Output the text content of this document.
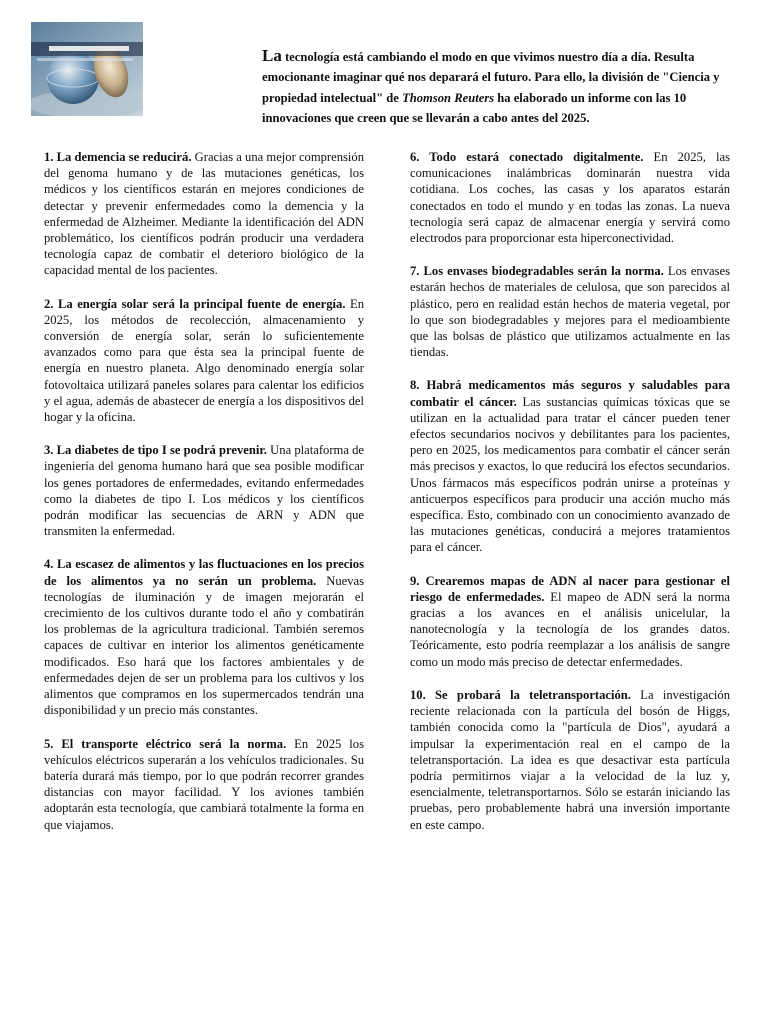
La tecnología está cambiando el modo en que vivimos nuestro día a día. Resulta emocionante imaginar qué nos deparará el futuro. Para ello, la división de "Ciencia y propiedad intelectual" de Thomson Reuters ha elaborado un informe con las 10 innovaciones que creen que se llevarán a cabo antes del 2025.

1. La demencia se reducirá. Gracias a una mejor comprensión del genoma humano y de las mutaciones genéticas, los médicos y los científicos estarán en mejores condiciones de detectar y prevenir enfermedades como la demencia y la enfermedad de Alzheimer. Mediante la identificación del ADN problemático, los científicos podrán producir una verdadera tecnología capaz de combatir el deterioro biológico de la capacidad mental de los pacientes.

2. La energía solar será la principal fuente de energía. En 2025, los métodos de recolección, almacenamiento y conversión de energía solar, serán lo suficientemente avanzados como para que ésta sea la principal fuente de energía en nuestro planeta. Algo denominado energía solar fotovoltaica utilizará paneles solares para calentar los edificios y el agua, además de abastecer de energía a los dispositivos del hogar y la oficina.

3. La diabetes de tipo I se podrá prevenir. Una plataforma de ingeniería del genoma humano hará que sea posible modificar los genes portadores de enfermedades, evitando enfermedades como la diabetes de tipo I. Los médicos y los científicos podrán modificar las secuencias de ARN y ADN que transmiten la enfermedad.

4. La escasez de alimentos y las fluctuaciones en los precios de los alimentos ya no serán un problema. Nuevas tecnologías de iluminación y de imagen mejorarán el crecimiento de los cultivos durante todo el año y combatirán los problemas de la agricultura tradicional. También seremos capaces de cultivar en interior los alimentos genéticamente modificados. Eso hará que los factores ambientales y de enfermedades dejen de ser un problema para los cultivos y los alimentos que compramos en los supermercados tendrán una disponibilidad y un precio más constantes.

5. El transporte eléctrico será la norma. En 2025 los vehículos eléctricos superarán a los vehículos tradicionales. Su batería durará más tiempo, por lo que podrán recorrer grandes distancias con mayor facilidad. Y los aviones también adoptarán esta tecnología, que cambiará totalmente la forma en que viajamos.

6. Todo estará conectado digitalmente. En 2025, las comunicaciones inalámbricas dominarán nuestra vida cotidiana. Los coches, las casas y los aparatos estarán conectados en todo el mundo y en todas las zonas. La nueva tecnología será capaz de almacenar energía y servirá como electrodos para proporcionar esta hiperconectividad.

7. Los envases biodegradables serán la norma. Los envases estarán hechos de materiales de celulosa, que son parecidos al plástico, pero en realidad están hechos de materia vegetal, por lo que son biodegradables y mejores para el medioambiente que las bolsas de plástico que utilizamos actualmente en las tiendas.

8. Habrá medicamentos más seguros y saludables para combatir el cáncer. Las sustancias químicas tóxicas que se utilizan en la actualidad para tratar el cáncer pueden tener efectos secundarios nocivos y debilitantes para los pacientes, pero en 2025, los medicamentos para combatir el cáncer serán más precisos y exactos, lo que reducirá los efectos secundarios. Unos fármacos más específicos podrán unirse a proteínas y anticuerpos específicos para producir una acción mucho más específica. Esto, combinado con un conocimiento avanzado de las mutaciones genéticas, conducirá a mejores tratamientos para el cáncer.

9. Crearemos mapas de ADN al nacer para gestionar el riesgo de enfermedades. El mapeo de ADN será la norma gracias a los avances en el análisis unicelular, la nanotecnología y la tecnología de los grandes datos. Teóricamente, esto podría reemplazar a los análisis de sangre como un modo más preciso de detectar enfermedades.

10. Se probará la teletransportación. La investigación reciente relacionada con la partícula del bosón de Higgs, también conocida como la "partícula de Dios", ayudará a impulsar la experimentación real en el campo de la teletransportación. La idea es que desactivar esta partícula podría permitirnos viajar a la velocidad de la luz y, esencialmente, teletransportarnos. Sólo se estarán iniciando las pruebas, pero probablemente habrá una inversión importante en este campo.
